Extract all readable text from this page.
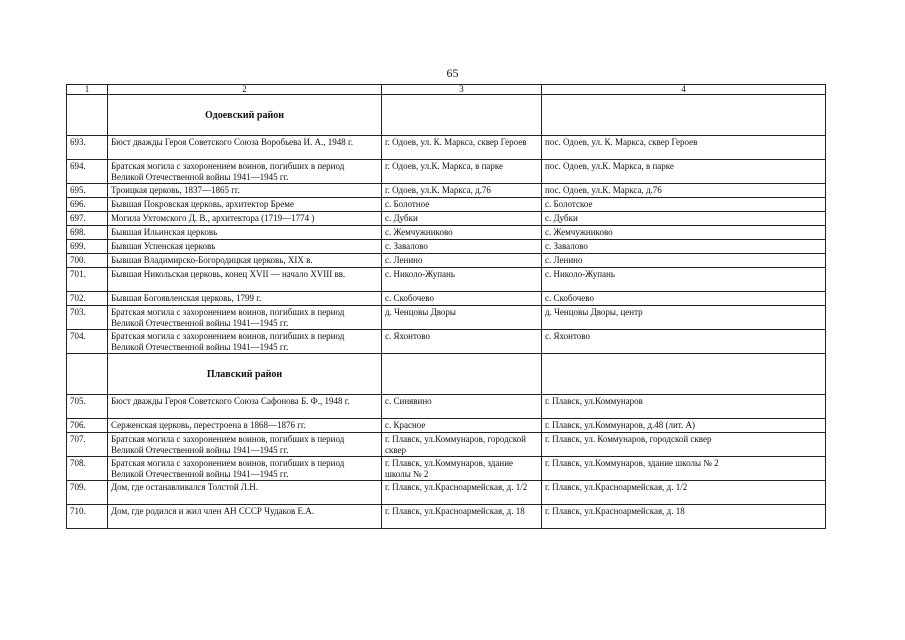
65
1	2	3	4
	Одоевский район		
693.	Бюст дважды Героя Советского Союза Воробьева И. А., 1948 г.	г. Одоев, ул. К. Маркса, сквер Героев	пос. Одоев, ул. К. Маркса, сквер Героев
694.	Братская могила с захоронением воинов, погибших в период Великой Отечественной войны 1941—1945 гг.	г. Одоев, ул.К. Маркса, в парке	пос. Одоев, ул.К. Маркса, в парке
695.	Троицкая церковь, 1837—1865 гг.	г. Одоев, ул.К. Маркса, д.76	пос. Одоев, ул.К. Маркса, д.76
696.	Бывшая Покровская церковь, архитектор Бреме	с. Болотное	с. Болотское
697.	Могила Ухтомского Д. В., архитектора (1719—1774 )	с. Дубки	с. Дубки
698.	Бывшая Ильинская церковь	с. Жемчужниково	с. Жемчужниково
699.	Бывшая Успенская церковь	с. Завалово	с. Завалово
700.	Бывшая Владимирско-Богородицкая церковь, XIX в.	с. Ленино	с. Ленино
701.	Бывшая Никольская церковь, конец XVII — начало XVIII вв.	с. Николо-Жупань	с. Николо-Жупань
702.	Бывшая Богоявленская церковь, 1799 г.	с. Скобочево	с. Скобочево
703.	Братская могила с захоронением воинов, погибших в период Великой Отечественной войны 1941—1945 гг.	д. Ченцовы Дворы	д. Ченцовы Дворы, центр
704.	Братская могила с захоронением воинов, погибших в период Великой Отечественной войны 1941—1945 гг.	с. Яхонтово	с. Яхонтово
	Плавский район		
705.	Бюст дважды Героя Советского Союза Сафонова Б. Ф., 1948 г.	с. Синявино	г. Плавск, ул.Коммунаров
706.	Серженская церковь, перестроена в 1868—1876 гг.	с. Красное	г. Плавск, ул.Коммунаров, д.48 (лит. А)
707.	Братская могила с захоронением воинов, погибших в период Великой Отечественной войны 1941—1945 гг.	г. Плавск, ул.Коммунаров, городской сквер	г. Плавск, ул. Коммунаров, городской сквер
708.	Братская могила с захоронением воинов, погибших в период Великой Отечественной войны 1941—1945 гг.	г. Плавск, ул.Коммунаров, здание школы № 2	г. Плавск, ул.Коммунаров, здание школы № 2
709.	Дом, где останавливался Толстой Л.Н.	г. Плавск, ул.Красноармейская, д. 1/2	г. Плавск, ул.Красноармейская, д. 1/2
710.	Дом, где родился и жил член АН СССР Чудаков Е.А.	г. Плавск, ул.Красноармейская, д. 18	г. Плавск, ул.Красноармейская, д. 18
